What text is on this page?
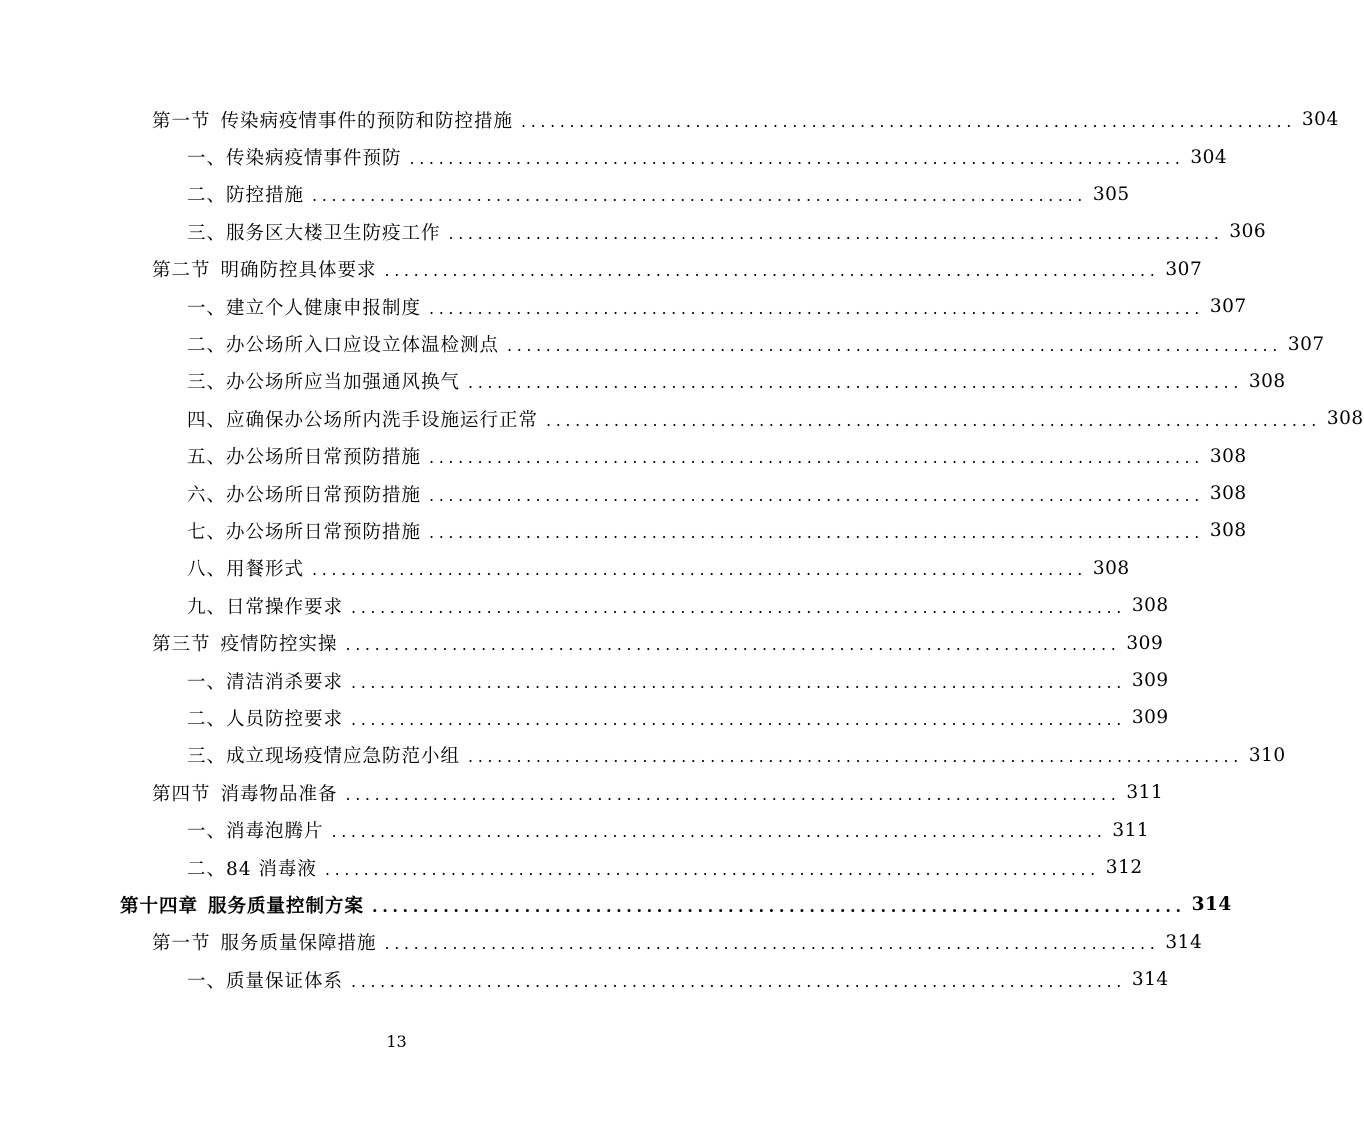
第一节 传染病疫情事件的预防和防控措施 ................................................................................ 304
一、传染病疫情事件预防 ................................................................................ 304
二、防控措施 ................................................................................ 305
三、服务区大楼卫生防疫工作 ................................................................................ 306
第二节 明确防控具体要求 ................................................................................ 307
一、建立个人健康申报制度 ................................................................................ 307
二、办公场所入口应设立体温检测点 ................................................................................ 307
三、办公场所应当加强通风换气 ................................................................................ 308
四、应确保办公场所内洗手设施运行正常 ................................................................................ 308
五、办公场所日常预防措施 ................................................................................ 308
六、办公场所日常预防措施 ................................................................................ 308
七、办公场所日常预防措施 ................................................................................ 308
八、用餐形式 ................................................................................ 308
九、日常操作要求 ................................................................................ 308
第三节 疫情防控实操 ................................................................................ 309
一、清洁消杀要求 ................................................................................ 309
二、人员防控要求 ................................................................................ 309
三、成立现场疫情应急防范小组 ................................................................................ 310
第四节 消毒物品准备 ................................................................................ 311
一、消毒泡腾片 ................................................................................ 311
二、84 消毒液 ................................................................................ 312
第十四章 服务质量控制方案 ................................................................................ 314
第一节 服务质量保障措施 ................................................................................ 314
一、质量保证体系 ................................................................................ 314
13
